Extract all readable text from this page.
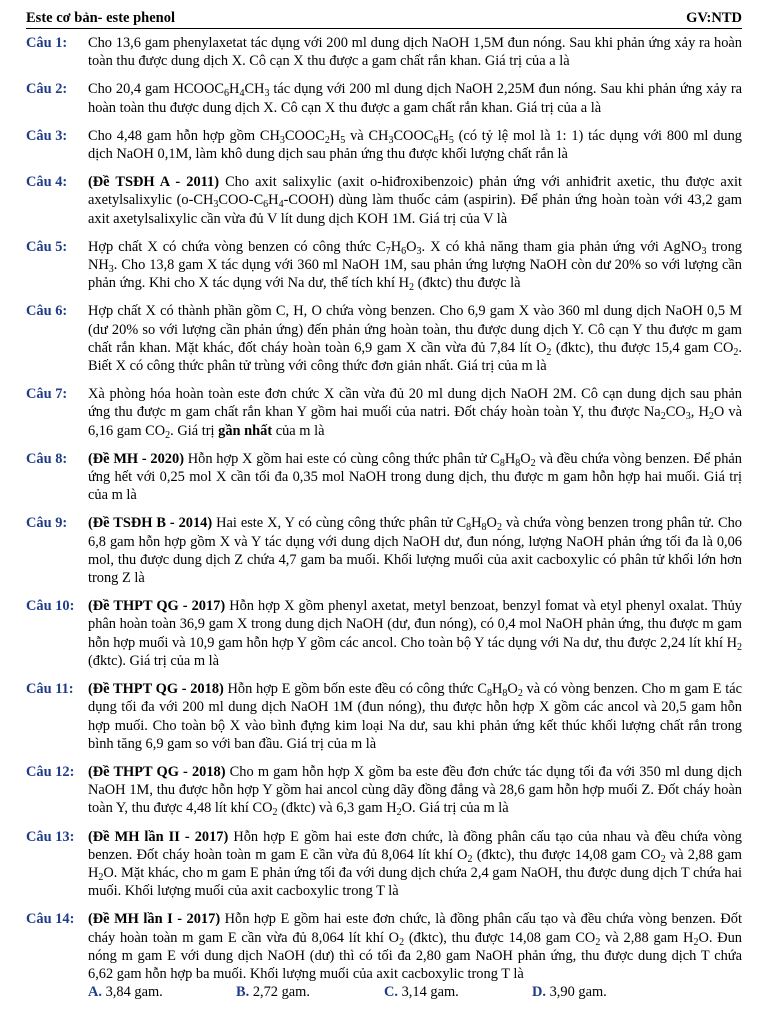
Este cơ bản- este phenol	GV:NTD
Câu 1:	Cho 13,6 gam phenylaxetat tác dụng với 200 ml dung dịch NaOH 1,5M đun nóng. Sau khi phản ứng xảy ra hoàn toàn thu được dung dịch X. Cô cạn X thu được a gam chất rắn khan. Giá trị của a là
Câu 2:	Cho 20,4 gam $HCOOC_6H_4CH_3$ tác dụng với 200 ml dung dịch NaOH 2,25M đun nóng. Sau khi phản ứng xảy ra hoàn toàn thu được dung dịch X. Cô cạn X thu được a gam chất rắn khan. Giá trị của a là
Câu 3:	Cho 4,48 gam hỗn hợp gồm $CH_3COOC_2H_5$ và $CH_3COOC_6H_5$ (có tỷ lệ mol là 1: 1) tác dụng với 800 ml dung dịch NaOH 0,1M, làm khô dung dịch sau phản ứng thu được khối lượng chất rắn là
Câu 4:	(Đề TSĐH A - 2011) Cho axit salixylic (axit o-hiđroxibenzoic) phản ứng với anhiđrit axetic, thu được axit axetylsalixylic $(o-CH_3COO-C_6H_4-COOH)$ dùng làm thuốc cảm (aspirin). Để phản ứng hoàn toàn với 43,2 gam axit axetylsalixylic cần vừa đủ V lít dung dịch KOH 1M. Giá trị của V là
Câu 5:	Hợp chất X có chứa vòng benzen có công thức $C_7H_6O_3$. X có khả năng tham gia phản ứng với AgNO$_3$ trong $NH_3$. Cho 13,8 gam X tác dụng với 360 ml NaOH 1M, sau phản ứng lượng NaOH còn dư 20% so với lượng cần phản ứng. Khi cho X tác dụng với Na dư, thể tích khí $H_2$ (đktc) thu được là
Câu 6:	Hợp chất X có thành phần gồm C, H, O chứa vòng benzen. Cho 6,9 gam X vào 360 ml dung dịch NaOH 0,5 M (dư 20% so với lượng cần phản ứng) đến phản ứng hoàn toàn, thu được dung dịch Y. Cô cạn Y thu được m gam chất rắn khan. Mặt khác, đốt cháy hoàn toàn 6,9 gam X cần vừa đủ 7,84 lít $O_2$ (đktc), thu được 15,4 gam $CO_2$. Biết X có công thức phân tử trùng với công thức đơn giản nhất. Giá trị của m là
Câu 7:	Xà phòng hóa hoàn toàn este đơn chức X cần vừa đủ 20 ml dung dịch NaOH 2M. Cô cạn dung dịch sau phản ứng thu được m gam chất rắn khan Y gồm hai muối của natri. Đốt cháy hoàn toàn Y, thu được $Na_2CO_3$, $H_2O$ và 6,16 gam $CO_2$. Giá trị gần nhất của m là
Câu 8:	(Đề MH - 2020) Hỗn hợp X gồm hai este có cùng công thức phân tử $C_8H_8O_2$ và đều chứa vòng benzen. Để phản ứng hết với 0,25 mol X cần tối đa 0,35 mol NaOH trong dung dịch, thu được m gam hỗn hợp hai muối. Giá trị của m là
Câu 9:	(Đề TSĐH B - 2014) Hai este X, Y có cùng công thức phân tử $C_8H_8O_2$ và chứa vòng benzen trong phân tử. Cho 6,8 gam hỗn hợp gồm X và Y tác dụng với dung dịch NaOH dư, đun nóng, lượng NaOH phản ứng tối đa là 0,06 mol, thu được dung dịch Z chứa 4,7 gam ba muối. Khối lượng muối của axit cacboxylic có phân tử khối lớn hơn trong Z là
Câu 10: (Đề THPT QG - 2017) Hỗn hợp X gồm phenyl axetat, metyl benzoat, benzyl fomat và etyl phenyl oxalat. Thủy phân hoàn toàn 36,9 gam X trong dung dịch NaOH (dư, đun nóng), có 0,4 mol NaOH phản ứng, thu được m gam hỗn hợp muối và 10,9 gam hỗn hợp Y gồm các ancol. Cho toàn bộ Y tác dụng với Na dư, thu được 2,24 lít khí $H_2$ (đktc). Giá trị của m là
Câu 11:	(Đề THPT QG - 2018) Hỗn hợp E gồm bốn este đều có công thức $C_8H_8O_2$ và có vòng benzen. Cho m gam E tác dụng tối đa với 200 ml dung dịch NaOH 1M (đun nóng), thu được hỗn hợp X gồm các ancol và 20,5 gam hỗn hợp muối. Cho toàn bộ X vào bình đựng kim loại Na dư, sau khi phản ứng kết thúc khối lượng chất rắn trong bình tăng 6,9 gam so với ban đầu. Giá trị của m là
Câu 12: (Đề THPT QG - 2018) Cho m gam hỗn hợp X gồm ba este đều đơn chức tác dụng tối đa với 350 ml dung dịch NaOH 1M, thu được hỗn hợp Y gồm hai ancol cùng dãy đồng đẳng và 28,6 gam hỗn hợp muối Z. Đốt cháy hoàn toàn Y, thu được 4,48 lít khí $CO_2$ (đktc) và 6,3 gam $H_2O$. Giá trị của m là
Câu 13: (Đề MH lần II - 2017) Hỗn hợp E gồm hai este đơn chức, là đồng phân cấu tạo của nhau và đều chứa vòng benzen. Đốt cháy hoàn toàn m gam E cần vừa đủ 8,064 lít khí $O_2$ (đktc), thu được 14,08 gam $CO_2$ và 2,88 gam $H_2O$. Mặt khác, cho m gam E phản ứng tối đa với dung dịch chứa 2,4 gam NaOH, thu được dung dịch T chứa hai muối. Khối lượng muối của axit cacboxylic trong T là
Câu 14: (Đề MH lần I - 2017) Hỗn hợp E gồm hai este đơn chức, là đồng phân cấu tạo và đều chứa vòng benzen. Đốt cháy hoàn toàn m gam E cần vừa đủ 8,064 lít khí $O_2$ (đktc), thu được 14,08 gam $CO_2$ và 2,88 gam $H_2O$. Đun nóng m gam E với dung dịch NaOH (dư) thì có tối đa 2,80 gam NaOH phản ứng, thu được dung dịch T chứa 6,62 gam hỗn hợp ba muối. Khối lượng muối của axit cacboxylic trong T là
A. 3,84 gam.	B. 2,72 gam.	C. 3,14 gam.	D. 3,90 gam.
